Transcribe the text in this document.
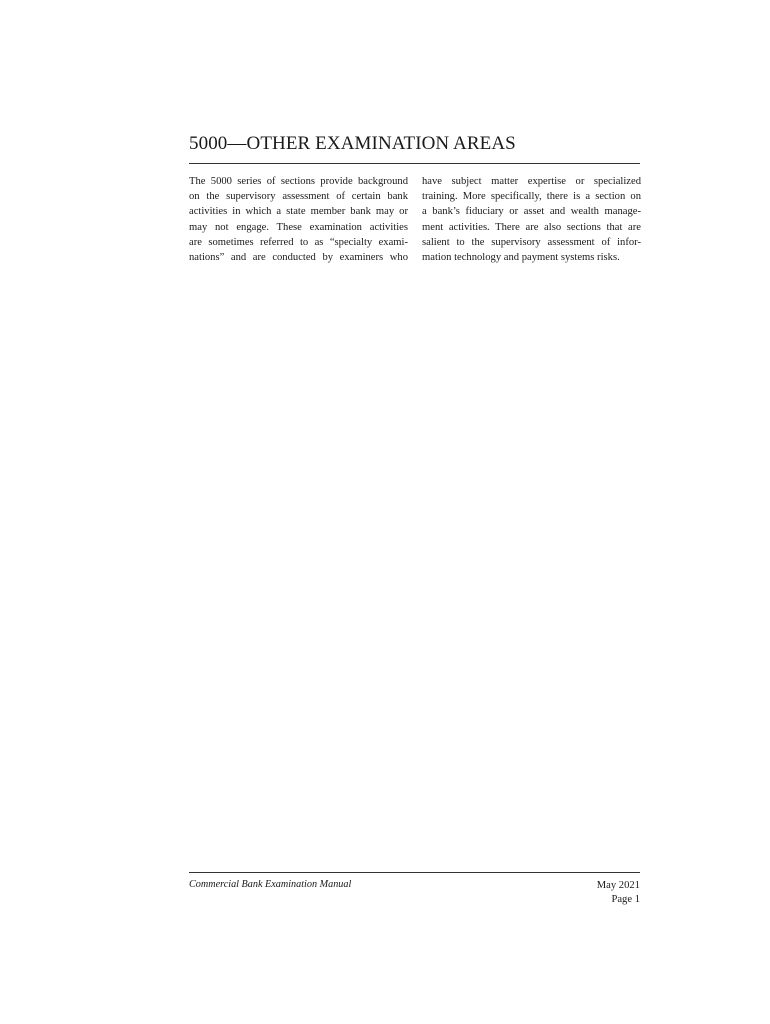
5000—OTHER EXAMINATION AREAS
The 5000 series of sections provide background
on the supervisory assessment of certain bank
activities in which a state member bank may or
may not engage. These examination activities
are sometimes referred to as “specialty exami-
nations” and are conducted by examiners who
have subject matter expertise or specialized
training. More specifically, there is a section on
a bank’s fiduciary or asset and wealth manage-
ment activities. There are also sections that are
salient to the supervisory assessment of infor-
mation technology and payment systems risks.
Commercial Bank Examination Manual	May 2021
Page 1
